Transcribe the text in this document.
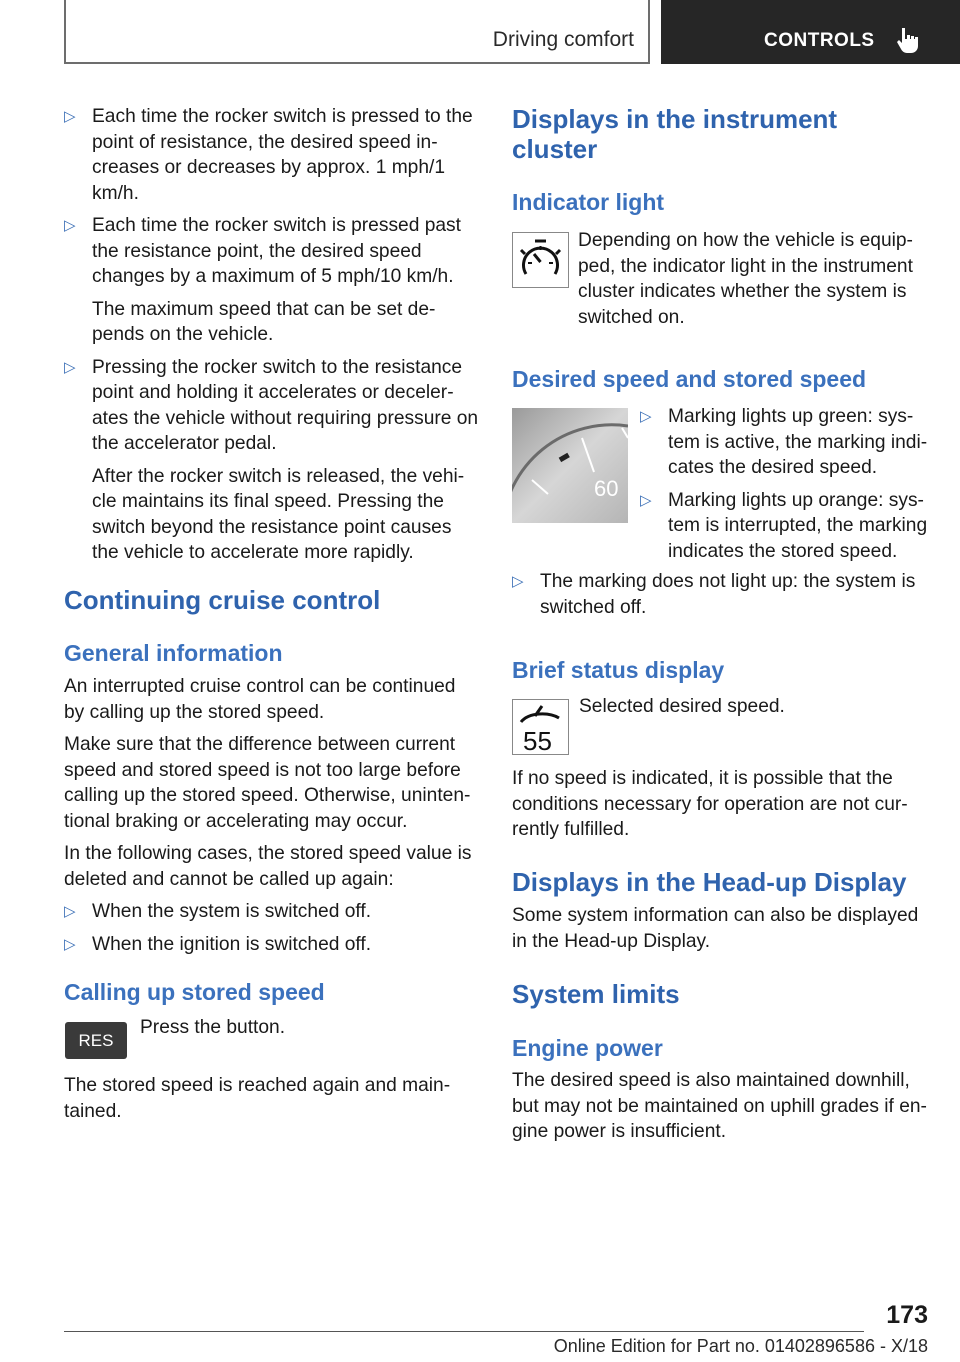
Driving comfort	CONTROLS
▷ Each time the rocker switch is pressed to the point of resistance, the desired speed in-creases or decreases by approx. 1 mph/1 km/h.

▷ Each time the rocker switch is pressed past the resistance point, the desired speed changes by a maximum of 5 mph/10 km/h.

The maximum speed that can be set de-pends on the vehicle.

▷ Pressing the rocker switch to the resistance point and holding it accelerates or deceler-ates the vehicle without requiring pressure on the accelerator pedal.

After the rocker switch is released, the vehi-cle maintains its final speed. Pressing the switch beyond the resistance point causes the vehicle to accelerate more rapidly.

Continuing cruise control
General information

An interrupted cruise control can be continued by calling up the stored speed.

Make sure that the difference between current speed and stored speed is not too large before calling up the stored speed. Otherwise, uninten-tional braking or accelerating may occur.

In the following cases, the stored speed value is deleted and cannot be called up again:

▷ When the system is switched off.

▷ When the ignition is switched off.

Calling up stored speed
RES
Press the button.
The stored speed is reached again and main-tained.
Displays in the instrument cluster
Indicator light

Depending on how the vehicle is equip-ped, the indicator light in the instrument cluster indicates whether the system is switched on.

Desired speed and stored speed
60
▷ Marking lights up green: sys-tem is active, the marking indi-cates the desired speed.

▷ Marking lights up orange: sys-tem is interrupted, the marking indicates the stored speed.

▷ The marking does not light up: the system is switched off.

Brief status display
55
Selected desired speed.
If no speed is indicated, it is possible that the conditions necessary for operation are not cur-rently fulfilled.
Displays in the Head-up Display
Some system information can also be displayed in the Head-up Display.
System limits
Engine power
The desired speed is also maintained downhill, but may not be maintained on uphill grades if en-gine power is insufficient.
173
Online Edition for Part no. 01402896586 - X/18
